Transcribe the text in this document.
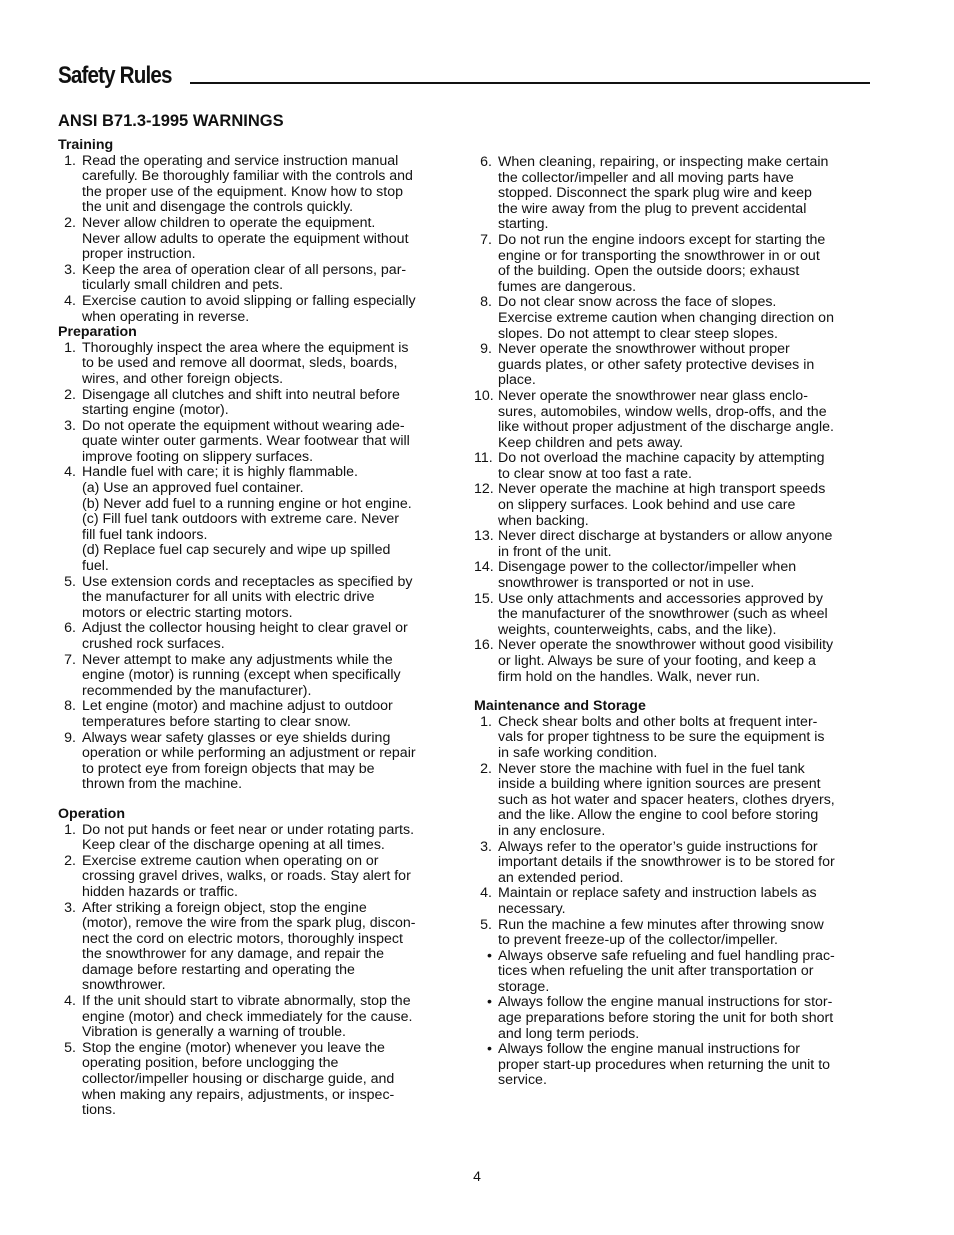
Safety Rules
ANSI B71.3-1995 WARNINGS
Training
1. Read the operating and service instruction manual
carefully. Be thoroughly familiar with the controls and
the proper use of the equipment. Know how to stop
the unit and disengage the controls quickly.
2. Never allow children to operate the equipment.
Never allow adults to operate the equipment without
proper instruction.
3. Keep the area of operation clear of all persons, par-
ticularly small children and pets.
4. Exercise caution to avoid slipping or falling especially
when operating in reverse.
Preparation
1. Thoroughly inspect the area where the equipment is
to be used and remove all doormat, sleds, boards,
wires, and other foreign objects.
2. Disengage all clutches and shift into neutral before
starting engine (motor).
3. Do not operate the equipment without wearing ade-
quate winter outer garments. Wear footwear that will
improve footing on slippery surfaces.
4. Handle fuel with care; it is highly flammable.
(a) Use an approved fuel container.
(b) Never add fuel to a running engine or hot engine.
(c) Fill fuel tank outdoors with extreme care. Never
fill fuel tank indoors.
(d) Replace fuel cap securely and wipe up spilled
fuel.
5. Use extension cords and receptacles as specified by
the manufacturer for all units with electric drive
motors or electric starting motors.
6. Adjust the collector housing height to clear gravel or
crushed rock surfaces.
7. Never attempt to make any adjustments while the
engine (motor) is running (except when specifically
recommended by the manufacturer).
8. Let engine (motor) and machine adjust to outdoor
temperatures before starting to clear snow.
9. Always wear safety glasses or eye shields during
operation or while performing an adjustment or repair
to protect eye from foreign objects that may be
thrown from the machine.
Operation
1. Do not put hands or feet near or under rotating parts.
Keep clear of the discharge opening at all times.
2. Exercise extreme caution when operating on or
crossing gravel drives, walks, or roads. Stay alert for
hidden hazards or traffic.
3. After striking a foreign object, stop the engine
(motor), remove the wire from the spark plug, discon-
nect the cord on electric motors, thoroughly inspect
the snowthrower for any damage, and repair the
damage before restarting and operating the
snowthrower.
4. If the unit should start to vibrate abnormally, stop the
engine (motor) and check immediately for the cause.
Vibration is generally a warning of trouble.
5. Stop the engine (motor) whenever you leave the
operating position, before unclogging the
collector/impeller housing or discharge guide, and
when making any repairs, adjustments, or inspec-
tions.
6. When cleaning, repairing, or inspecting make certain
the collector/impeller and all moving parts have
stopped. Disconnect the spark plug wire and keep
the wire away from the plug to prevent accidental
starting.
7. Do not run the engine indoors except for starting the
engine or for transporting the snowthrower in or out
of the building. Open the outside doors; exhaust
fumes are dangerous.
8. Do not clear snow across the face of slopes.
Exercise extreme caution when changing direction on
slopes. Do not attempt to clear steep slopes.
9. Never operate the snowthrower without proper
guards plates, or other safety protective devises in
place.
10. Never operate the snowthrower near glass enclo-
sures, automobiles, window wells, drop-offs, and the
like without proper adjustment of the discharge angle.
Keep children and pets away.
11. Do not overload the machine capacity by attempting
to clear snow at too fast a rate.
12. Never operate the machine at high transport speeds
on slippery surfaces. Look behind and use care
when backing.
13. Never direct discharge at bystanders or allow anyone
in front of the unit.
14. Disengage power to the collector/impeller when
snowthrower is transported or not in use.
15. Use only attachments and accessories approved by
the manufacturer of the snowthrower (such as wheel
weights, counterweights, cabs, and the like).
16. Never operate the snowthrower without good visibility
or light. Always be sure of your footing, and keep a
firm hold on the handles. Walk, never run.
Maintenance and Storage
1. Check shear bolts and other bolts at frequent inter-
vals for proper tightness to be sure the equipment is
in safe working condition.
2. Never store the machine with fuel in the fuel tank
inside a building where ignition sources are present
such as hot water and spacer heaters, clothes dryers,
and the like. Allow the engine to cool before storing
in any enclosure.
3. Always refer to the operator’s guide instructions for
important details if the snowthrower is to be stored for
an extended period.
4. Maintain or replace safety and instruction labels as
necessary.
5. Run the machine a few minutes after throwing snow
to prevent freeze-up of the collector/impeller.
• Always observe safe refueling and fuel handling prac-
tices when refueling the unit after transportation or
storage.
• Always follow the engine manual instructions for stor-
age preparations before storing the unit for both short
and long term periods.
• Always follow the engine manual instructions for
proper start-up procedures when returning the unit to
service.
4
